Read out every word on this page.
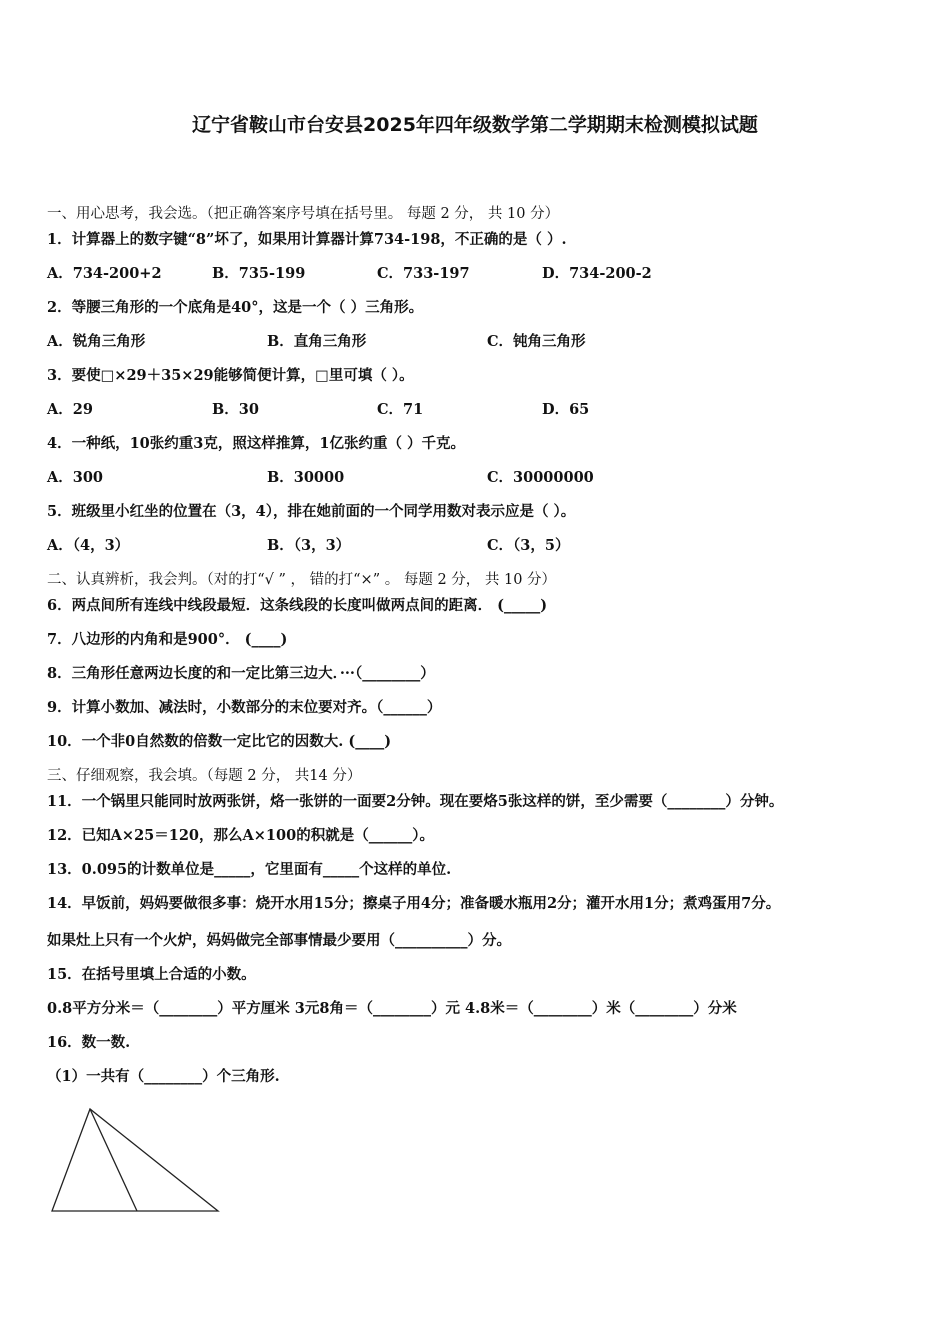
辽宁省鞍山市台安县2025年四年级数学第二学期期末检测模拟试题
一、用心思考，我会选。（把正确答案序号填在括号里。 每题 2 分， 共 10 分）
1．计算器上的数字键“8”坏了，如果用计算器计算734-198，不正确的是（ ）.
A．734-200+2	B．735-199	C．733-197	D．734-200-2
2．等腰三角形的一个底角是40°，这是一个（ ）三角形。
A．锐角三角形	B．直角三角形	C．钝角三角形
3．要使□×29＋35×29能够简便计算，□里可填（ ）。
A．29	B．30	C．71	D．65
4．一种纸，10张约重3克，照这样推算，1亿张约重（ ）千克。
A．300	B．30000	C．30000000
5．班级里小红坐的位置在（3，4），排在她前面的一个同学用数对表示应是（ ）。
A．（4，3）	B．（3，3）	C．（3，5）
二、认真辨析，我会判。（对的打“√ ” ， 错的打“×” 。 每题 2 分， 共 10 分）
6．两点间所有连线中线段最短．这条线段的长度叫做两点间的距离． (_____)
7．八边形的内角和是900°． (____)
8．三角形任意两边长度的和一定比第三边大．···（________）
9．计算小数加、减法时，小数部分的末位要对齐。（______）
10．一个非0自然数的倍数一定比它的因数大. (____)
三、仔细观察，我会填。（每题 2 分， 共14 分）
11．一个锅里只能同时放两张饼，烙一张饼的一面要2分钟。现在要烙5张这样的饼，至少需要（________）分钟。
12．已知A×25＝120，那么A×100的积就是（______）。
13．0.095的计数单位是_____，它里面有_____个这样的单位.
14．早饭前，妈妈要做很多事：烧开水用15分；擦桌子用4分；准备暖水瓶用2分；灌开水用1分；煮鸡蛋用7分。
如果灶上只有一个火炉，妈妈做完全部事情最少要用（__________）分。
15．在括号里填上合适的小数。
0.8平方分米＝（________）平方厘米 3元8角＝（________）元 4.8米＝（________）米（________）分米
16．数一数.
（1）一共有（________）个三角形.
